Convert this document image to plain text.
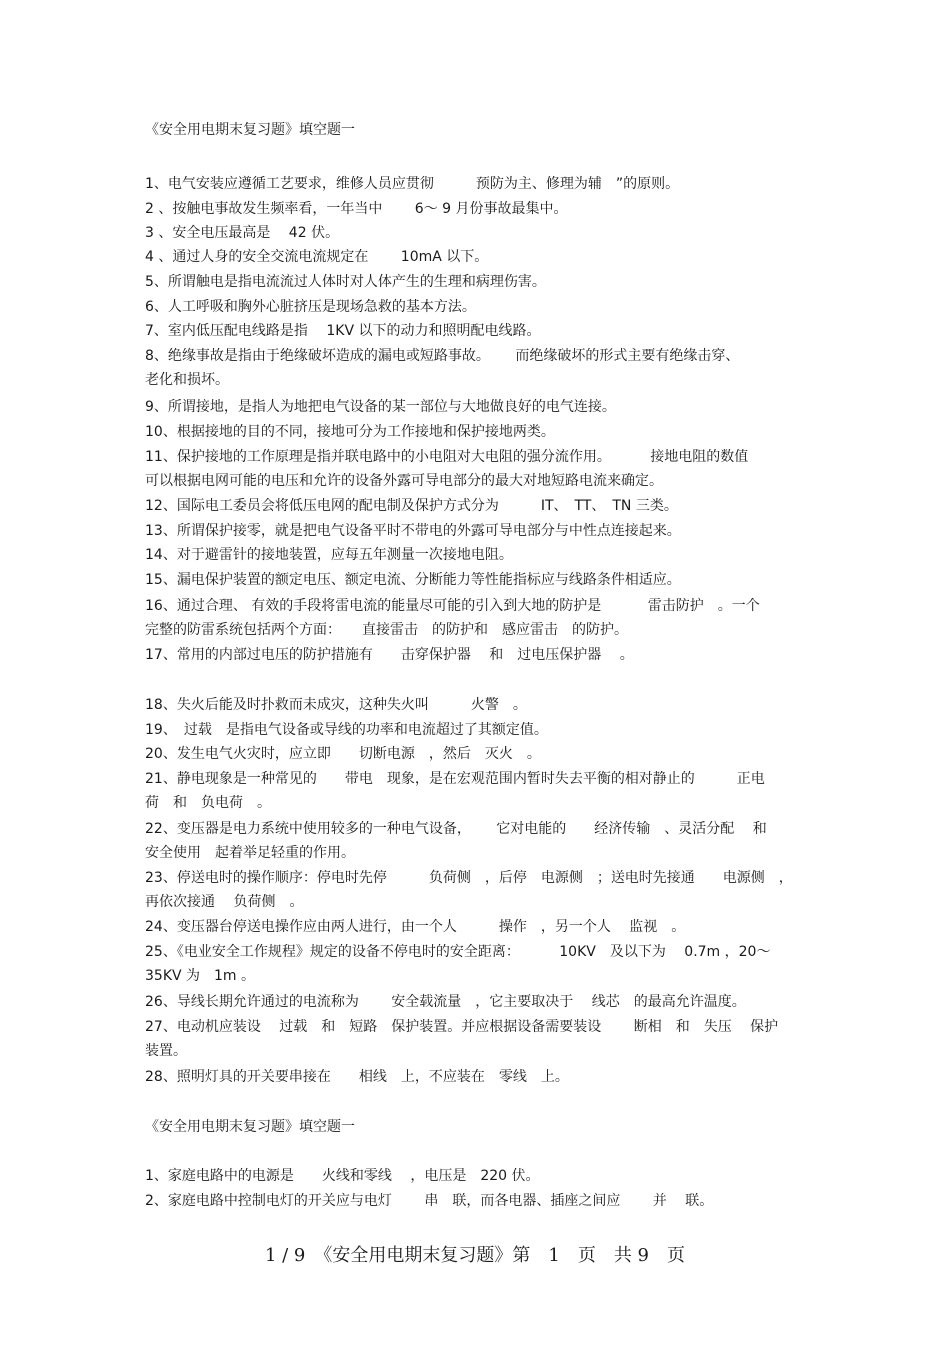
《安全用电期末复习题》填空题一
1、电气安装应遵循工艺要求，维修人员应贯彻　　　预防为主、修理为辅　”的原则。
2 、按触电事故发生频率看，一年当中　　 6～ 9 月份事故最集中。
3 、安全电压最高是　 42 伏。
4 、通过人身的安全交流电流规定在　　 10mA 以下。
5、所谓触电是指电流流过人体时对人体产生的生理和病理伤害。
6、人工呼吸和胸外心脏挤压是现场急救的基本方法。
7、室内低压配电线路是指　 1KV 以下的动力和照明配电线路。
8、绝缘事故是指由于绝缘破坏造成的漏电或短路事故。　　 而绝缘破坏的形式主要有绝缘击穿、
老化和损坏。
9、所谓接地，是指人为地把电气设备的某一部位与大地做良好的电气连接。
10、根据接地的目的不同，接地可分为工作接地和保护接地两类。
11、保护接地的工作原理是指并联电路中的小电阻对大电阻的强分流作用。　　　 接地电阻的数值
可以根据电网可能的电压和允许的设备外露可导电部分的最大对地短路电流来确定。
12、国际电工委员会将低压电网的配电制及保护方式分为　　　IT、　TT、　TN 三类。
13、所谓保护接零，就是把电气设备平时不带电的外露可导电部分与中性点连接起来。
14、对于避雷针的接地装置，应每五年测量一次接地电阻。
15、漏电保护装置的额定电压、额定电流、分断能力等性能指标应与线路条件相适应。
16、通过合理、 有效的手段将雷电流的能量尽可能的引入到大地的防护是　　　 雷击防护　。一个
完整的防雷系统包括两个方面：　　直接雷击　的防护和　感应雷击　的防护。
17、常用的内部过电压的防护措施有　　击穿保护器　 和　过电压保护器　 。
18、失火后能及时扑救而未成灾，这种失火叫　　　火警　。
19、　过载　是指电气设备或导线的功率和电流超过了其额定值。
20、发生电气火灾时，应立即　　切断电源　，然后　灭火　。
21、静电现象是一种常见的　　带电　现象，是在宏观范围内暂时失去平衡的相对静止的　　　正电
荷　和　负电荷　。
22、变压器是电力系统中使用较多的一种电气设备，　　 它对电能的　　经济传输　、灵活分配　 和
安全使用　起着举足轻重的作用。
23、停送电时的操作顺序：停电时先停　　　负荷侧　，后停　电源侧　；送电时先接通　　电源侧　，
再依次接通　 负荷侧　。
24、变压器台停送电操作应由两人进行，由一个人　　　操作　，另一个人　 监视　。
25、《电业安全工作规程》规定的设备不停电时的安全距离：　　　 10KV　及以下为　 0.7m ，20～
35KV 为　1m 。
26、导线长期允许通过的电流称为　　 安全载流量　，它主要取决于　 线芯　的最高允许温度。
27、电动机应装设　 过载　和　短路　保护装置。并应根据设备需要装设　　 断相　和　失压　 保护
装置。
28、照明灯具的开关要串接在　　相线　上，不应装在　零线　上。
《安全用电期末复习题》填空题一
1、家庭电路中的电源是　　火线和零线　 ，电压是　220 伏。
2、家庭电路中控制电灯的开关应与电灯　　 串　联，而各电器、插座之间应　　 并　 联。
1 / 9　《安全用电期末复习题》第　1　页　共 9　页
